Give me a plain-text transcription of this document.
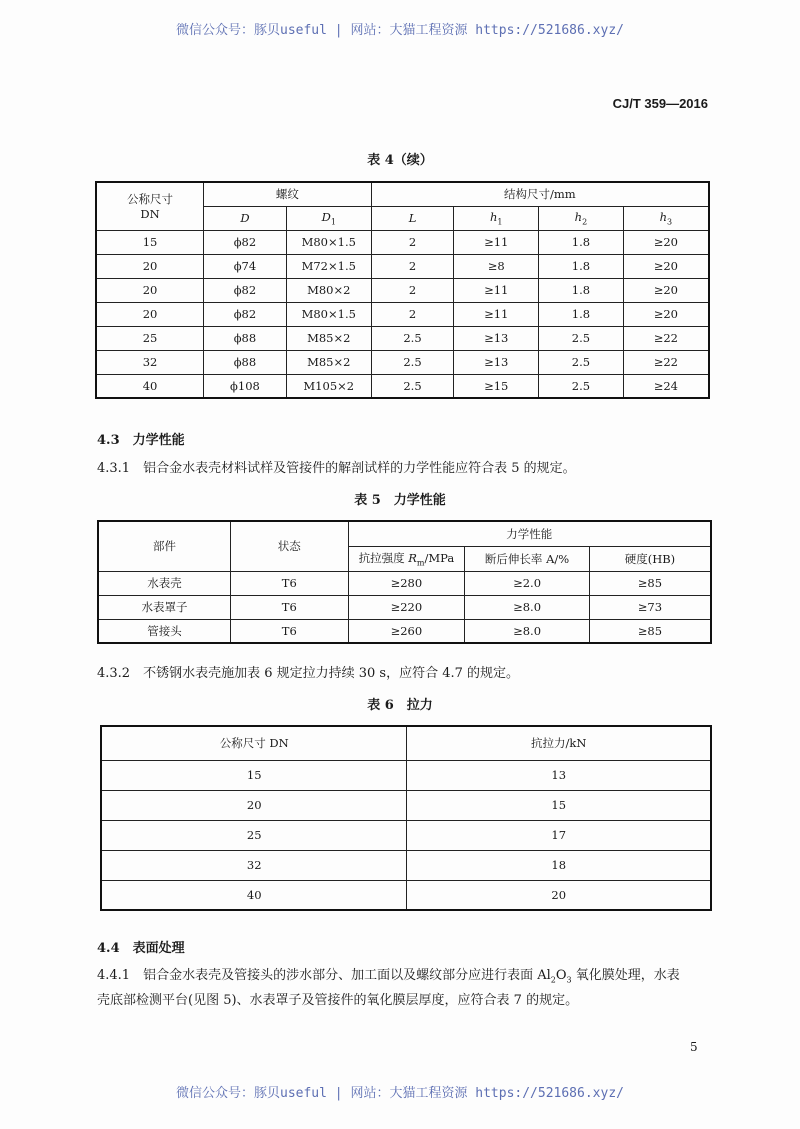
微信公众号：豚贝useful | 网站：大猫工程资源 https://521686.xyz/
CJ/T 359—2016
表 4（续）
公称尺寸
DN	螺纹		结构尺寸/mm			
	D	$D_1$	L	$h_1$	$h_2$	$h_3$
15	ϕ82	M80×1.5	2	≥11	1.8	≥20
20	ϕ74	M72×1.5	2	≥8	1.8	≥20
20	ϕ82	M80×2	2	≥11	1.8	≥20
20	ϕ82	M80×1.5	2	≥11	1.8	≥20
25	ϕ88	M85×2	2.5	≥13	2.5	≥22
32	ϕ88	M85×2	2.5	≥13	2.5	≥22
40	ϕ108	M105×2	2.5	≥15	2.5	≥24
4.3　力学性能
4.3.1　铝合金水表壳材料试样及管接件的解剖试样的力学性能应符合表 5 的规定。
表 5　力学性能
部件	状态	力学性能		
		抗拉强度 $R_m$/MPa	断后伸长率 A/%	硬度(HB)
水表壳	T6	≥280	≥2.0	≥85
水表罩子	T6	≥220	≥8.0	≥73
管接头	T6	≥260	≥8.0	≥85
4.3.2　不锈钢水表壳施加表 6 规定拉力持续 30 s，应符合 4.7 的规定。
表 6　拉力
公称尺寸 DN	抗拉力/kN
15	13
20	15
25	17
32	18
40	20
4.4　表面处理
4.4.1　铝合金水表壳及管接头的涉水部分、加工面以及螺纹部分应进行表面 $Al_2O_3$ 氧化膜处理，水表
壳底部检测平台(见图 5)、水表罩子及管接件的氧化膜层厚度，应符合表 7 的规定。
5
微信公众号：豚贝useful | 网站：大猫工程资源 https://521686.xyz/
